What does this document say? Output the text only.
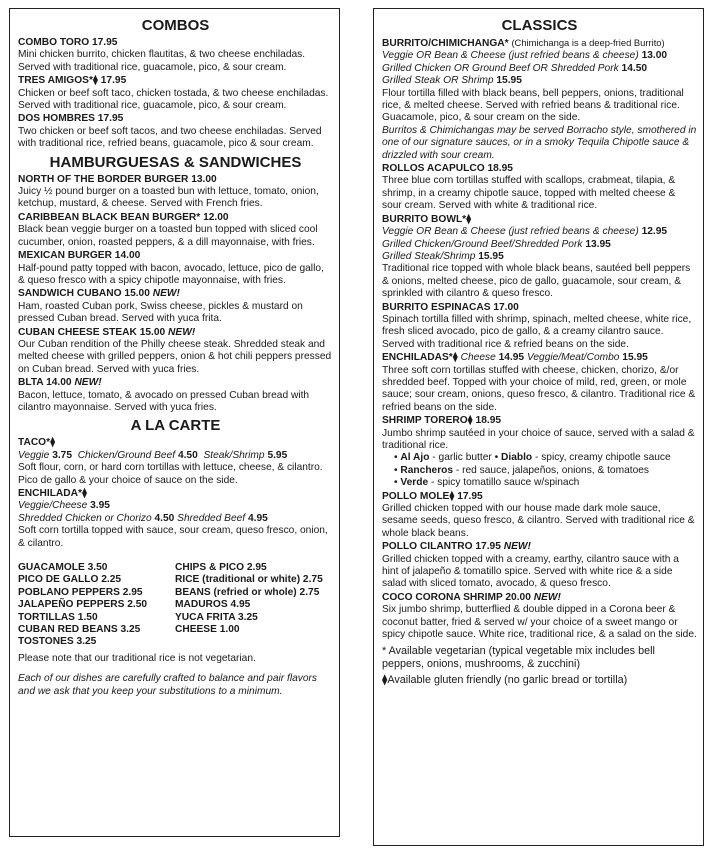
COMBOS
COMBO TORO 17.95
Mini chicken burrito, chicken flautitas, & two cheese enchiladas. Served with traditional rice, guacamole, pico, & sour cream.
TRES AMIGOS*⧫ 17.95
Chicken or beef soft taco, chicken tostada, & two cheese enchiladas. Served with traditional rice, guacamole, pico, & sour cream.
DOS HOMBRES 17.95
Two chicken or beef soft tacos, and two cheese enchiladas. Served with traditional rice, refried beans, guacamole, pico & sour cream.
HAMBURGUESAS & SANDWICHES
NORTH OF THE BORDER BURGER 13.00
Juicy ½ pound burger on a toasted bun with lettuce, tomato, onion, ketchup, mustard, & cheese. Served with French fries.
CARIBBEAN BLACK BEAN BURGER* 12.00
Black bean veggie burger on a toasted bun topped with sliced cool cucumber, onion, roasted peppers, & a dill mayonnaise, with fries.
MEXICAN BURGER 14.00
Half-pound patty topped with bacon, avocado, lettuce, pico de gallo, & queso fresco with a spicy chipotle mayonnaise, with fries.
SANDWICH CUBANO 15.00 NEW!
Ham, roasted Cuban pork, Swiss cheese, pickles & mustard on pressed Cuban bread. Served with yuca frita.
CUBAN CHEESE STEAK 15.00 NEW!
Our Cuban rendition of the Philly cheese steak. Shredded steak and melted cheese with grilled peppers, onion & hot chili peppers pressed on Cuban bread. Served with yuca fries.
BLTA 14.00 NEW!
Bacon, lettuce, tomato, & avocado on pressed Cuban bread with cilantro mayonnaise. Served with yuca fries.
A LA CARTE
TACO*⧫
Veggie 3.75 Chicken/Ground Beef 4.50 Steak/Shrimp 5.95
Soft flour, corn, or hard corn tortillas with lettuce, cheese, & cilantro. Pico de gallo & your choice of sauce on the side.
ENCHILADA*⧫
Veggie/Cheese 3.95
Shredded Chicken or Chorizo 4.50 Shredded Beef 4.95
Soft corn tortilla topped with sauce, sour cream, queso fresco, onion, & cilantro.
GUACAMOLE 3.50	CHIPS & PICO 2.95
PICO DE GALLO 2.25	RICE (traditional or white) 2.75
POBLANO PEPPERS 2.95	BEANS (refried or whole) 2.75
JALAPEÑO PEPPERS 2.50	MADUROS 4.95
TORTILLAS 1.50	YUCA FRITA 3.25
CUBAN RED BEANS 3.25	CHEESE 1.00
TOSTONES 3.25
Please note that our traditional rice is not vegetarian.
Each of our dishes are carefully crafted to balance and pair flavors and we ask that you keep your substitutions to a minimum.
CLASSICS
BURRITO/CHIMICHANGA* (Chimichanga is a deep-fried Burrito)
Veggie OR Bean & Cheese (just refried beans & cheese) 13.00
Grilled Chicken OR Ground Beef OR Shredded Pork 14.50
Grilled Steak OR Shrimp 15.95
Flour tortilla filled with black beans, bell peppers, onions, traditional rice, & melted cheese. Served with refried beans & traditional rice. Guacamole, pico, & sour cream on the side.
Burritos & Chimichangas may be served Borracho style, smothered in one of our signature sauces, or in a smoky Tequila Chipotle sauce & drizzled with sour cream.
ROLLOS ACAPULCO 18.95
Three blue corn tortillas stuffed with scallops, crabmeat, tilapia, & shrimp, in a creamy chipotle sauce, topped with melted cheese & sour cream. Served with white & traditional rice.
BURRITO BOWL*⧫
Veggie OR Bean & Cheese (just refried beans & cheese) 12.95
Grilled Chicken/Ground Beef/Shredded Pork 13.95
Grilled Steak/Shrimp 15.95
Traditional rice topped with whole black beans, sautéed bell peppers & onions, melted cheese, pico de gallo, guacamole, sour cream, & sprinkled with cilantro & queso fresco.
BURRITO ESPINACAS 17.00
Spinach tortilla filled with shrimp, spinach, melted cheese, white rice, fresh sliced avocado, pico de gallo, & a creamy cilantro sauce. Served with traditional rice & refried beans on the side.
ENCHILADAS*⧫ Cheese 14.95 Veggie/Meat/Combo 15.95
Three soft corn tortillas stuffed with cheese, chicken, chorizo, &/or shredded beef. Topped with your choice of mild, red, green, or mole sauce; sour cream, onions, queso fresco, & cilantro. Traditional rice & refried beans on the side.
SHRIMP TORERO⧫ 18.95
Jumbo shrimp sautéed in your choice of sauce, served with a salad & traditional rice.
• Al Ajo - garlic butter • Diablo - spicy, creamy chipotle sauce
• Rancheros - red sauce, jalapeños, onions, & tomatoes
• Verde - spicy tomatillo sauce w/spinach
POLLO MOLE⧫ 17.95
Grilled chicken topped with our house made dark mole sauce, sesame seeds, queso fresco, & cilantro. Served with traditional rice & whole black beans.
POLLO CILANTRO 17.95 NEW!
Grilled chicken topped with a creamy, earthy, cilantro sauce with a hint of jalapeño & tomatillo spice. Served with white rice & a side salad with sliced tomato, avocado, & queso fresco.
COCO CORONA SHRIMP 20.00 NEW!
Six jumbo shrimp, butterflied & double dipped in a Corona beer & coconut batter, fried & served w/ your choice of a sweet mango or spicy chipotle sauce. White rice, traditional rice, & a salad on the side.
* Available vegetarian (typical vegetable mix includes bell peppers, onions, mushrooms, & zucchini)
⧫Available gluten friendly (no garlic bread or tortilla)
